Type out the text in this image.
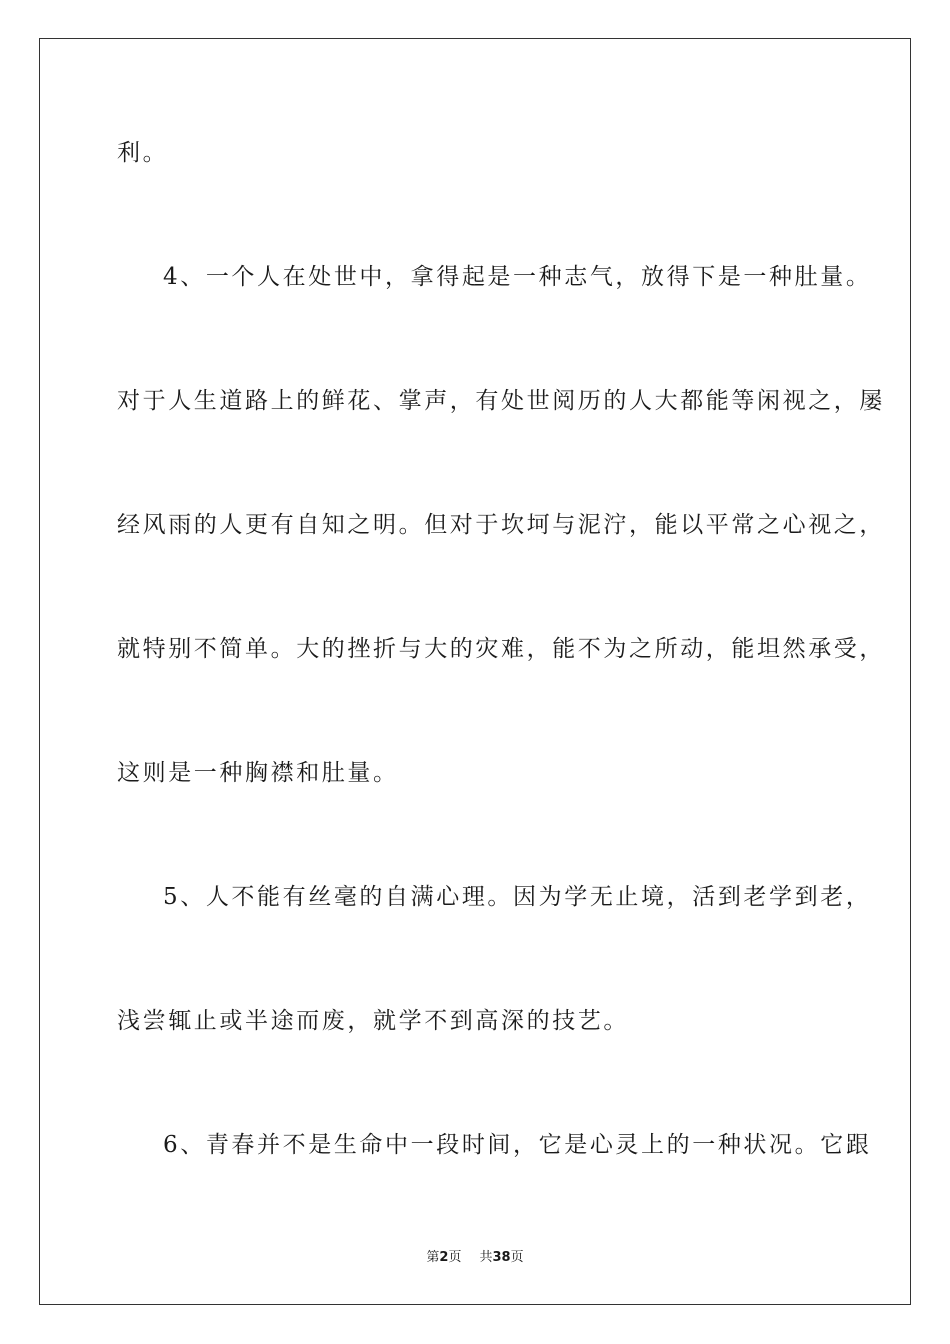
利。

4、一个人在处世中，拿得起是一种志气，放得下是一种肚量。

对于人生道路上的鲜花、掌声，有处世阅历的人大都能等闲视之，屡

经风雨的人更有自知之明。但对于坎坷与泥泞，能以平常之心视之，

就特别不简单。大的挫折与大的灾难，能不为之所动，能坦然承受，

这则是一种胸襟和肚量。

5、人不能有丝毫的自满心理。因为学无止境，活到老学到老，

浅尝辄止或半途而废，就学不到高深的技艺。

6、青春并不是生命中一段时间，它是心灵上的一种状况。它跟

第2页 共38页
